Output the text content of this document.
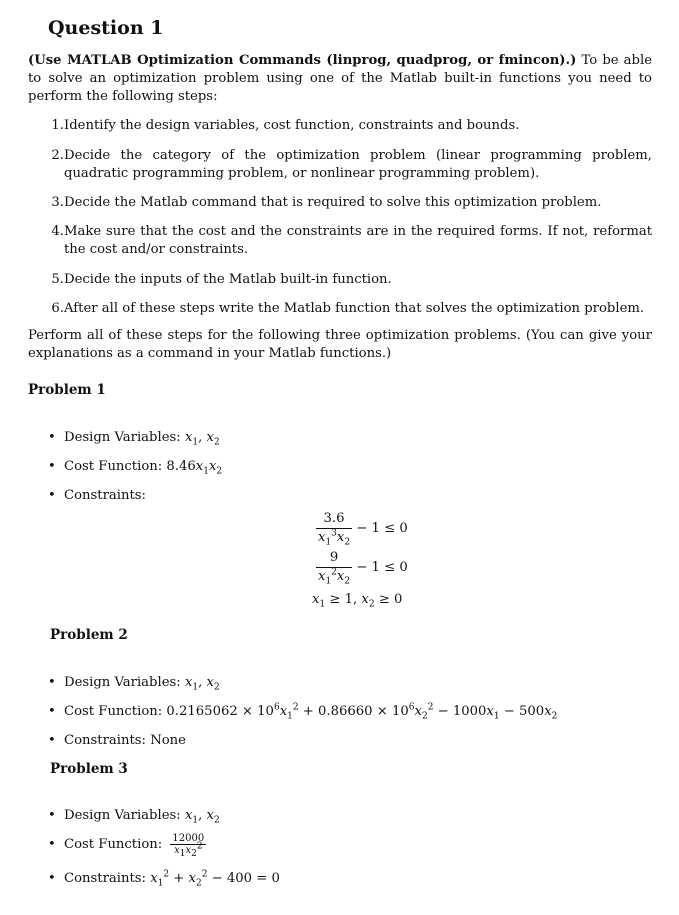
Question 1
(Use MATLAB Optimization Commands (linprog, quadprog, or fmincon).) To be able to solve an optimization problem using one of the Matlab built-in functions you need to perform the following steps:
1. Identify the design variables, cost function, constraints and bounds.
2. Decide the category of the optimization problem (linear programming problem, quadratic programming problem, or nonlinear programming problem).
3. Decide the Matlab command that is required to solve this optimization problem.
4. Make sure that the cost and the constraints are in the required forms. If not, reformat the cost and/or constraints.
5. Decide the inputs of the Matlab built-in function.
6. After all of these steps write the Matlab function that solves the optimization problem.
Perform all of these steps for the following three optimization problems. (You can give your explanations as a command in your Matlab functions.)
Problem 1
• Design Variables: $x_1$, $x_2$
• Cost Function: $8.46x_1x_2$
• Constraints:
$\frac{3.6}{x_1^3x_2} - 1 \le 0$
$\frac{9}{x_1^2x_2} - 1 \le 0$
$x_1 \ge 1$, $x_2 \ge 0$
Problem 2
• Design Variables: $x_1$, $x_2$
• Cost Function: $0.2165062 \times 10^6x_1^2 + 0.86660 \times 10^6x_2^2 - 1000x_1 - 500x_2$
• Constraints: None
Problem 3
• Design Variables: $x_1$, $x_2$
• Cost Function: $\frac{12000}{x_1x_2^2}$
• Constraints: $x_1^2 + x_2^2 - 400 = 0$
